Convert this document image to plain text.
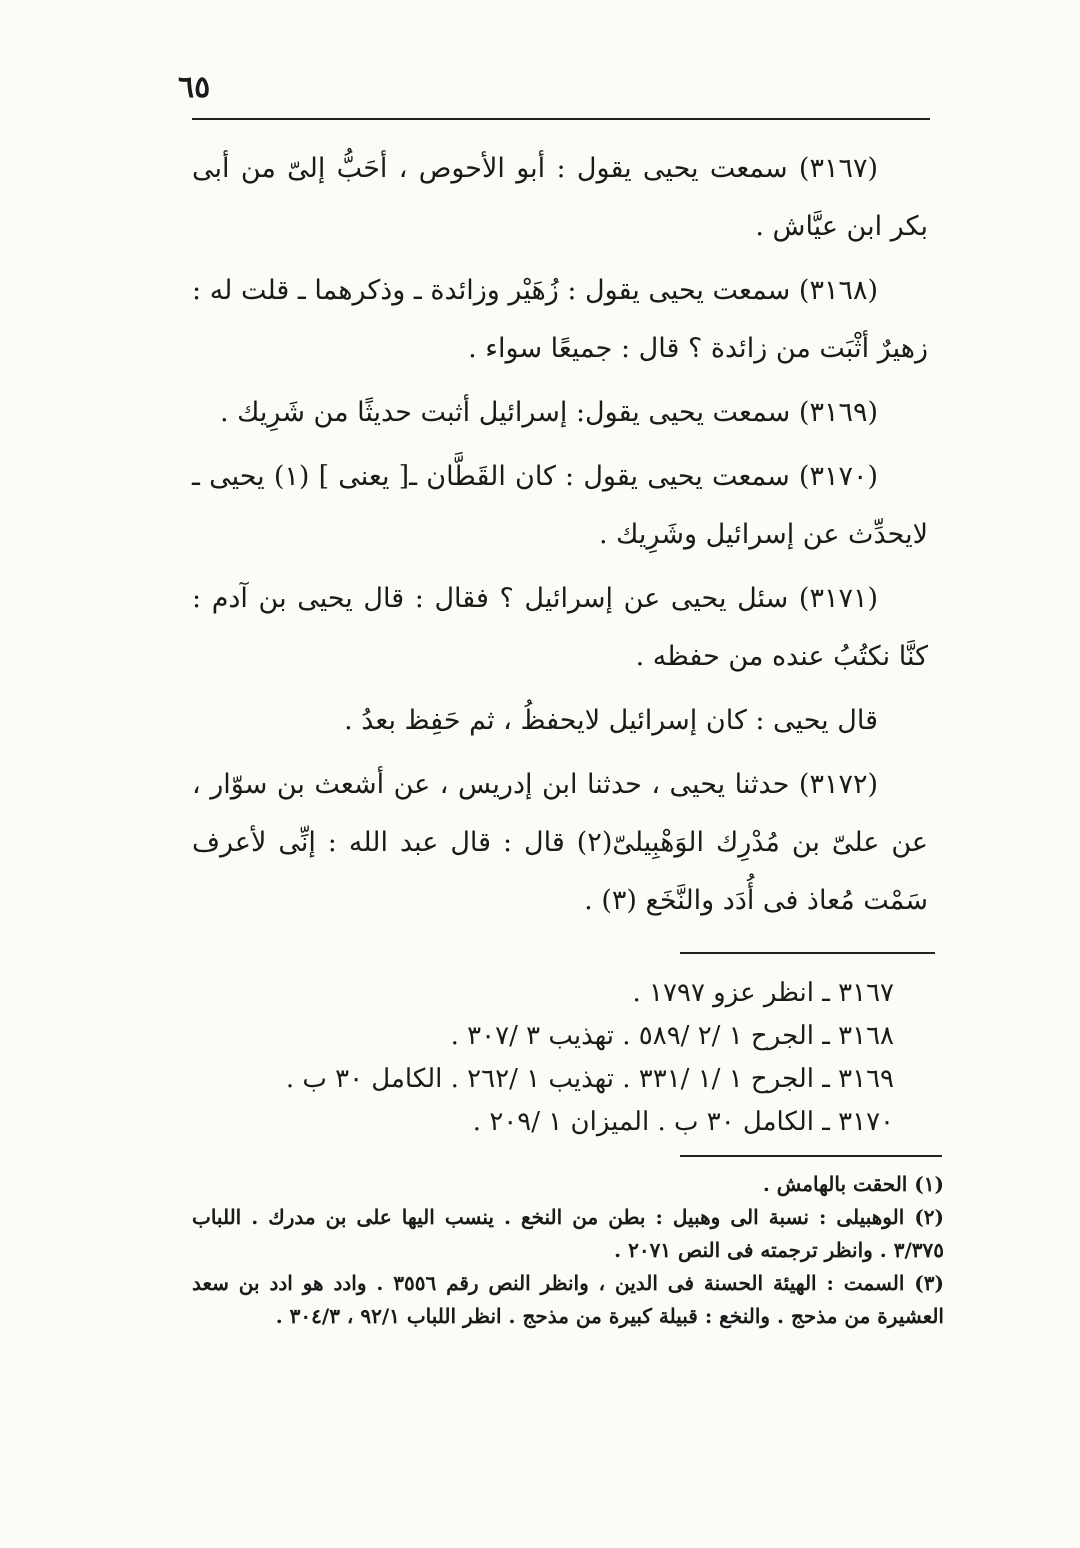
٦٥

(٣١٦٧) سمعت يحيى يقول : أبو الأحوص ، أحَبُّ إلىّ من أبى بكر ابن عيَّاش .

(٣١٦٨) سمعت يحيى يقول : زُهَيْر وزائدة ـ وذكرهما ـ قلت له : زهيرٌ أثْبَت من زائدة ؟ قال : جميعًا سواء .

(٣١٦٩) سمعت يحيى يقول: إسرائيل أثبت حديثًا من شَرِيك .

(٣١٧٠) سمعت يحيى يقول : كان القَطَّان ـ[ يعنى ] (١) يحيى ـ لايحدِّث عن إسرائيل وشَرِيك .

(٣١٧١) سئل يحيى عن إسرائيل ؟ فقال : قال يحيى بن آدم : كنَّا نكتُبُ عنده من حفظه .

قال يحيى : كان إسرائيل لايحفظُ ، ثم حَفِظ بعدُ .

(٣١٧٢) حدثنا يحيى ، حدثنا ابن إدريس ، عن أشعث بن سوّار ، عن علىّ بن مُدْرِك الوَهْبِيلىّ(٢) قال : قال عبد الله : إنِّى لأعرف سَمْت مُعاذ فى أُدَد والنَّخَع (٣) .

٣١٦٧ ـ انظر عزو ١٧٩٧ .
٣١٦٨ ـ الجرح ١ /٢ /٥٨٩ . تهذيب ٣ /٣٠٧ .
٣١٦٩ ـ الجرح ١ /١ /٣٣١ . تهذيب ١ /٢٦٢ . الكامل ٣٠ ب .
٣١٧٠ ـ الكامل ٣٠ ب . الميزان ١ /٢٠٩ .

(١) الحقت بالهامش .

(٢) الوهبيلى : نسبة الى وهبيل : بطن من النخع . ينسب اليها على بن مدرك . اللباب ٣/٣٧٥ . وانظر ترجمته فى النص ٢٠٧١ .

(٣) السمت : الهيئة الحسنة فى الدين ، وانظر النص رقم ٣٥٥٦ . وادد هو ادد بن سعد العشيرة من مذحج . والنخع : قبيلة كبيرة من مذحج . انظر اللباب ٩٢/١ ، ٣٠٤/٣ .
